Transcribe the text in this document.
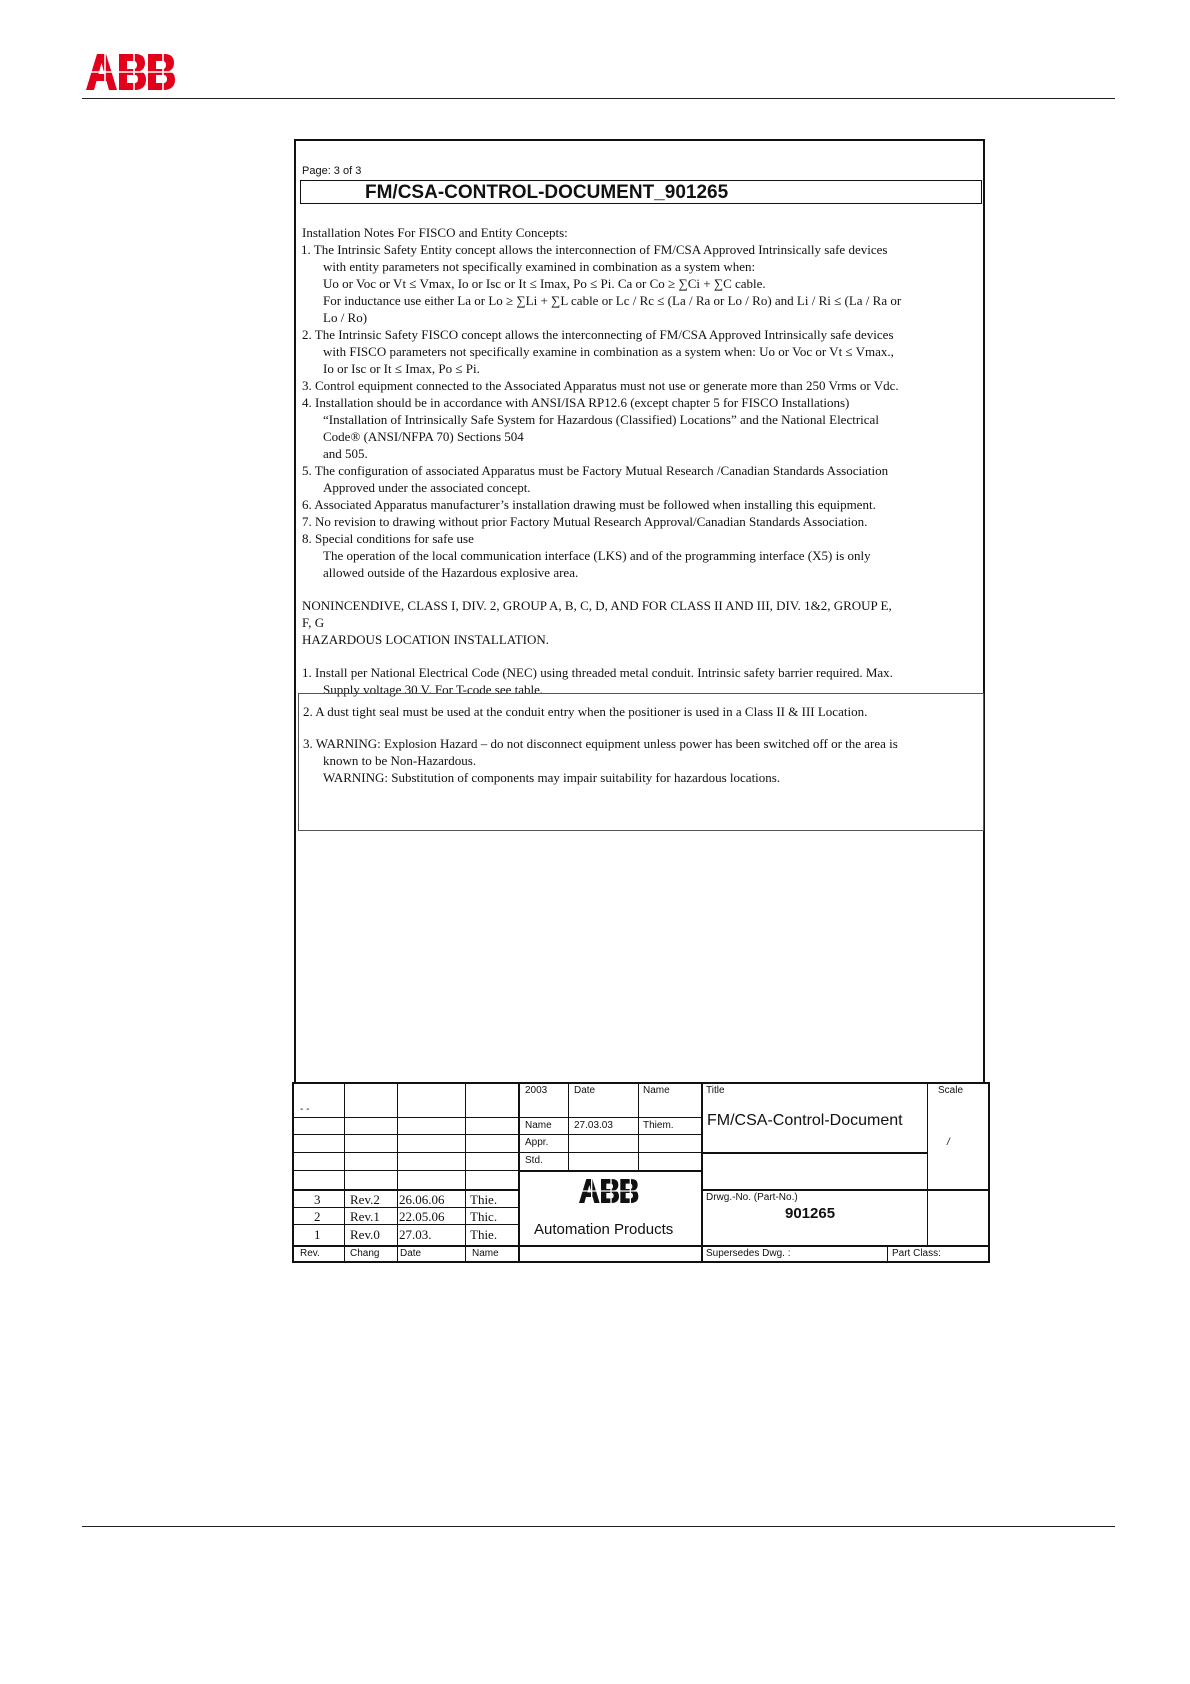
Page: 3 of 3
FM/CSA-CONTROL-DOCUMENT_901265
Installation Notes For FISCO and Entity Concepts:
1. The Intrinsic Safety Entity concept allows the interconnection of FM/CSA Approved Intrinsically safe devices
with entity parameters not specifically examined in combination as a system when:
Uo or Voc or Vt ≤ Vmax, Io or Isc or It ≤ Imax, Po ≤ Pi. Ca or Co ≥ ∑Ci + ∑C cable.
For inductance use either La or Lo ≥ ∑Li + ∑L cable or Lc / Rc ≤ (La / Ra or Lo / Ro) and Li / Ri ≤ (La / Ra or
Lo / Ro)
2. The Intrinsic Safety FISCO concept allows the interconnecting of FM/CSA Approved Intrinsically safe devices
with FISCO parameters not specifically examine in combination as a system when: Uo or Voc or Vt ≤ Vmax.,
Io or Isc or It ≤ Imax, Po ≤ Pi.
3. Control equipment connected to the Associated Apparatus must not use or generate more than 250 Vrms or Vdc.
4. Installation should be in accordance with ANSI/ISA RP12.6 (except chapter 5 for FISCO Installations)
“Installation of Intrinsically Safe System for Hazardous (Classified) Locations” and the National Electrical
Code® (ANSI/NFPA 70) Sections 504
and 505.
5. The configuration of associated Apparatus must be Factory Mutual Research /Canadian Standards Association
Approved under the associated concept.
6. Associated Apparatus manufacturer’s installation drawing must be followed when installing this equipment.
7. No revision to drawing without prior Factory Mutual Research Approval/Canadian Standards Association.
8. Special conditions for safe use
The operation of the local communication interface (LKS) and of the programming interface (X5) is only
allowed outside of the Hazardous explosive area.
NONINCENDIVE, CLASS I, DIV. 2, GROUP A, B, C, D, AND FOR CLASS II AND III, DIV. 1&2, GROUP E,
F, G
HAZARDOUS LOCATION INSTALLATION.
1. Install per National Electrical Code (NEC) using threaded metal conduit. Intrinsic safety barrier required. Max.
Supply voltage 30 V. For T-code see table.
2. A dust tight seal must be used at the conduit entry when the positioner is used in a Class II & III Location.
3. WARNING: Explosion Hazard – do not disconnect equipment unless power has been switched off or the area is
known to be Non-Hazardous.
WARNING: Substitution of components may impair suitability for hazardous locations.
- -
3 Rev.2 26.06.06 Thie.
2 Rev.1 22.05.06 Thic.
1 Rev.0 27.03.	Thie.
Rev.	Chang Date	Name
2003	Date	Name
Name 27.03.03	Thiem.
Appr.
Std.
Automation Products
Title	Scale
FM/CSA-Control-Document
/
Drwg.-No. (Part-No.)
901265
Supersedes Dwg. :	Part Class:
